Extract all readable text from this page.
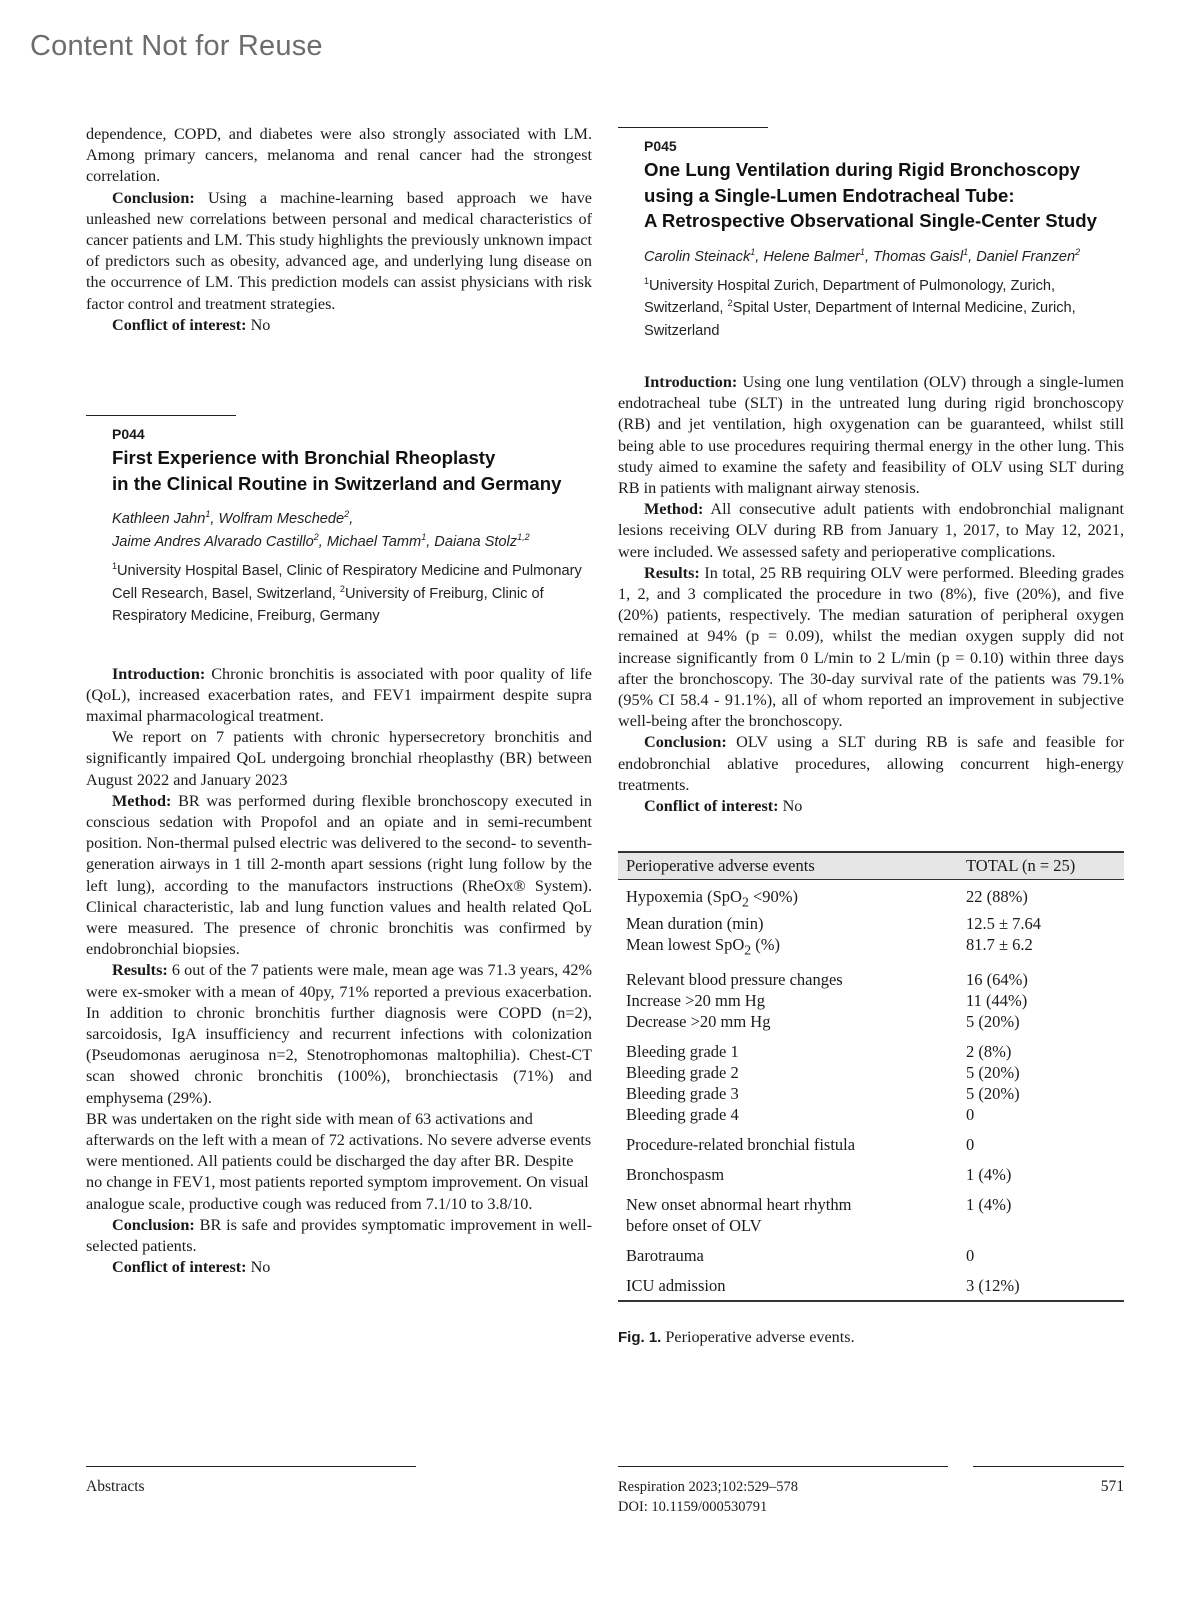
Content Not for Reuse

dependence, COPD, and diabetes were also strongly associated with LM. Among primary cancers, melanoma and renal cancer had the strongest correlation.

Conclusion: Using a machine-learning based approach we have unleashed new correlations between personal and medical characteristics of cancer patients and LM. This study highlights the previously unknown impact of predictors such as obesity, advanced age, and underlying lung disease on the occurrence of LM. This prediction models can assist physicians with risk factor control and treatment strategies.

Conflict of interest: No

P044
First Experience with Bronchial Rheoplasty
in the Clinical Routine in Switzerland and Germany
Kathleen Jahn$^1$, Wolfram Meschede$^2$,
Jaime Andres Alvarado Castillo$^2$, Michael Tamm$^1$, Daiana Stolz$^{1,2}$
$^1$University Hospital Basel, Clinic of Respiratory Medicine and Pulmonary Cell Research, Basel, Switzerland, $^2$University of Freiburg, Clinic of Respiratory Medicine, Freiburg, Germany

Introduction: Chronic bronchitis is associated with poor quality of life (QoL), increased exacerbation rates, and FEV1 impairment despite supra maximal pharmacological treatment.

We report on 7 patients with chronic hypersecretory bronchitis and significantly impaired QoL undergoing bronchial rheoplasthy (BR) between August 2022 and January 2023

Method: BR was performed during flexible bronchoscopy executed in conscious sedation with Propofol and an opiate and in semi-recumbent position. Non-thermal pulsed electric was delivered to the second- to seventh-generation airways in 1 till 2-month apart sessions (right lung follow by the left lung), according to the manufactors instructions (RheOx® System). Clinical characteristic, lab and lung function values and health related QoL were measured. The presence of chronic bronchitis was confirmed by endobronchial biopsies.

Results: 6 out of the 7 patients were male, mean age was 71.3 years, 42% were ex-smoker with a mean of 40py, 71% reported a previous exacerbation. In addition to chronic bronchitis further diagnosis were COPD (n=2), sarcoidosis, IgA insufficiency and recurrent infections with colonization (Pseudomonas aeruginosa n=2, Stenotrophomonas maltophilia). Chest-CT scan showed chronic bronchitis (100%), bronchiectasis (71%) and emphysema (29%).

BR was undertaken on the right side with mean of 63 activations and afterwards on the left with a mean of 72 activations. No severe adverse events were mentioned. All patients could be discharged the day after BR. Despite no change in FEV1, most patients reported symptom improvement. On visual analogue scale, productive cough was reduced from 7.1/10 to 3.8/10.

Conclusion: BR is safe and provides symptomatic improvement in well-selected patients.

Conflict of interest: No

P045
One Lung Ventilation during Rigid Bronchoscopy
using a Single-Lumen Endotracheal Tube:
A Retrospective Observational Single-Center Study
Carolin Steinack$^1$, Helene Balmer$^1$, Thomas Gaisl$^1$, Daniel Franzen$^2$
$^1$University Hospital Zurich, Department of Pulmonology, Zurich, Switzerland, $^2$Spital Uster, Department of Internal Medicine, Zurich, Switzerland

Introduction: Using one lung ventilation (OLV) through a single-lumen endotracheal tube (SLT) in the untreated lung during rigid bronchoscopy (RB) and jet ventilation, high oxygenation can be guaranteed, whilst still being able to use procedures requiring thermal energy in the other lung. This study aimed to examine the safety and feasibility of OLV using SLT during RB in patients with malignant airway stenosis.

Method: All consecutive adult patients with endobronchial malignant lesions receiving OLV during RB from January 1, 2017, to May 12, 2021, were included. We assessed safety and perioperative complications.

Results: In total, 25 RB requiring OLV were performed. Bleeding grades 1, 2, and 3 complicated the procedure in two (8%), five (20%), and five (20%) patients, respectively. The median saturation of peripheral oxygen remained at 94% (p = 0.09), whilst the median oxygen supply did not increase significantly from 0 L/min to 2 L/min (p = 0.10) within three days after the bronchoscopy. The 30-day survival rate of the patients was 79.1% (95% CI 58.4 - 91.1%), all of whom reported an improvement in subjective well-being after the bronchoscopy.

Conclusion: OLV using a SLT during RB is safe and feasible for endobronchial ablative procedures, allowing concurrent high-energy treatments.

Conflict of interest: No

Perioperative adverse events	TOTAL (n = 25)
Hypoxemia (SpO$_2$ <90%)	22 (88%)
Mean duration (min)	12.5 ± 7.64
Mean lowest SpO$_2$ (%)	81.7 ± 6.2
Relevant blood pressure changes	16 (64%)
Increase >20 mm Hg	11 (44%)
Decrease >20 mm Hg	5 (20%)
Bleeding grade 1	2 (8%)
Bleeding grade 2	5 (20%)
Bleeding grade 3	5 (20%)
Bleeding grade 4	0
Procedure-related bronchial fistula	0
Bronchospasm	1 (4%)
New onset abnormal heart rhythm before onset of OLV	1 (4%)
Barotrauma	0
ICU admission	3 (12%)
Fig. 1. Perioperative adverse events.
Abstracts	Respiration 2023;102:529–578
DOI: 10.1159/000530791
571
